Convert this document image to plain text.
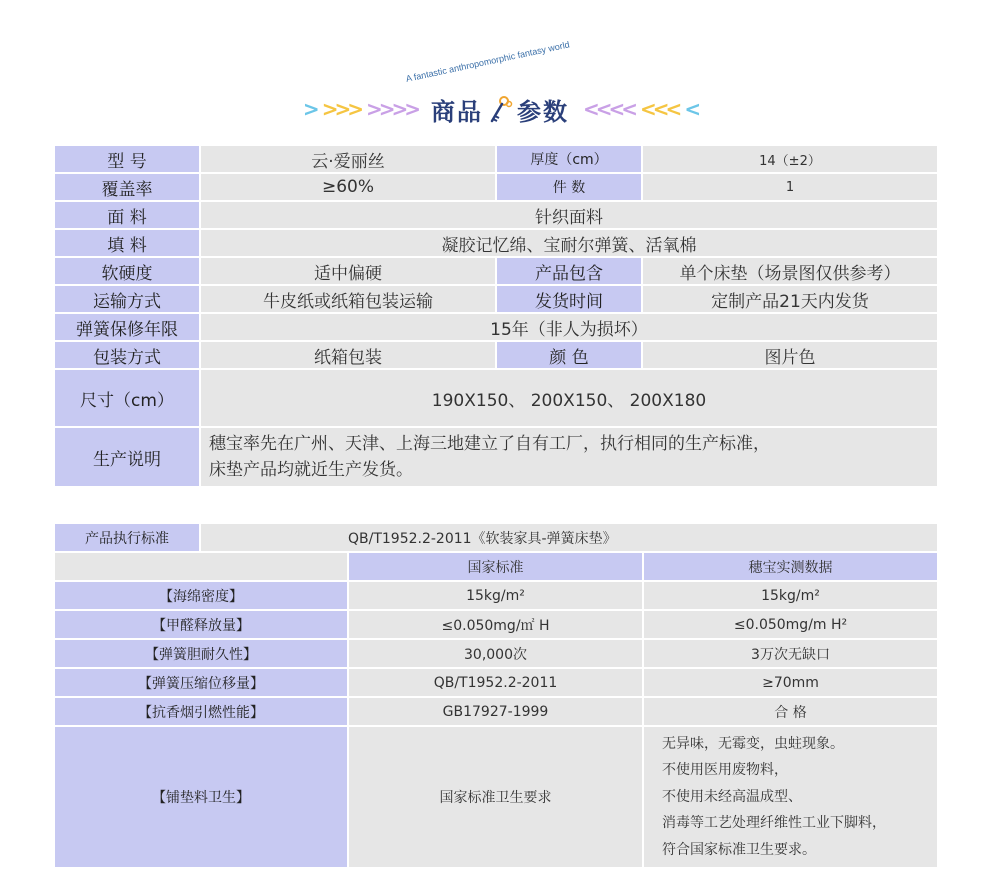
A fantastic anthropomorphic fantasy world
> >>> >>>> 商品 参数 <<<< <<< <
型 号	云·爱丽丝	厚度（cm）	14（±2）
覆盖率	≥60%	件 数	1
面 料	针织面料		
填 料	凝胶记忆绵、宝耐尔弹簧、活氧棉		
软硬度	适中偏硬	产品包含	单个床垫（场景图仅供参考）
运输方式	牛皮纸或纸箱包装运输	发货时间	定制产品21天内发货
弹簧保修年限	15年（非人为损坏）		
包装方式	纸箱包装	颜 色	图片色
尺寸（cm）	190X150、 200X150、 200X180		
生产说明	穗宝率先在广州、天津、上海三地建立了自有工厂，执行相同的生产标准，
床垫产品均就近生产发货。		
产品执行标准	QB/T1952.2-2011《软装家具-弹簧床垫》		
		国家标准	穗宝实测数据
【海绵密度】		15kg/m²	15kg/m²
【甲醛释放量】		≤0.050mg/㎡ H	≤0.050mg/m H²
【弹簧胆耐久性】		30,000次	3万次无缺口
【弹簧压缩位移量】		QB/T1952.2-2011	≥70mm
【抗香烟引燃性能】		GB17927-1999	合 格
【铺垫料卫生】		国家标准卫生要求	无异味，无霉变，虫蛀现象。
不使用医用废物料，
不使用未经高温成型、
消毒等工艺处理纤维性工业下脚料，
符合国家标准卫生要求。
